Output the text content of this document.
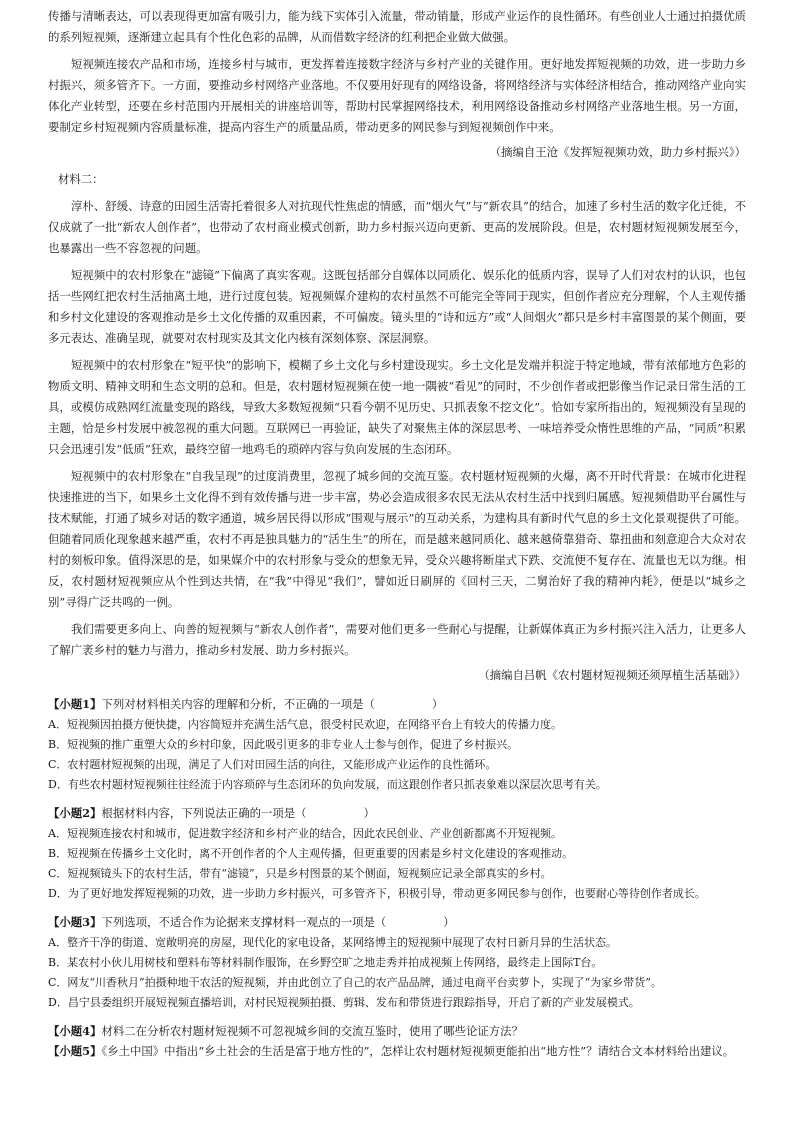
传播与清晰表达，可以表现得更加富有吸引力，能为线下实体引入流量，带动销量，形成产业运作的良性循环。有些创业人士通过拍摄优质的系列短视频，逐渐建立起具有个性化色彩的品牌，从而借数字经济的红利把企业做大做强。

短视频连接农产品和市场，连接乡村与城市，更发挥着连接数字经济与乡村产业的关键作用。更好地发挥短视频的功效，进一步助力乡村振兴，须多管齐下。一方面，要推动乡村网络产业落地。不仅要用好现有的网络设备，将网络经济与实体经济相结合，推动网络产业向实体化产业转型，还要在乡村范围内开展相关的讲座培训等，帮助村民掌握网络技术，利用网络设备推动乡村网络产业落地生根。另一方面，要制定乡村短视频内容质量标准，提高内容生产的质量品质，带动更多的网民参与到短视频创作中来。

（摘编自王沧《发挥短视频功效，助力乡村振兴》）
材料二：

淳朴、舒缓、诗意的田园生活寄托着很多人对抗现代性焦虑的情感，而“烟火气”与“新农具”的结合，加速了乡村生活的数字化迁徙，不仅成就了一批“新农人创作者”，也带动了农村商业模式创新，助力乡村振兴迈向更新、更高的发展阶段。但是，农村题材短视频发展至今，也暴露出一些不容忽视的问题。

短视频中的农村形象在“滤镜”下偏离了真实客观。这既包括部分自媒体以同质化、娱乐化的低质内容，误导了人们对农村的认识，也包括一些网红把农村生活抽离土地，进行过度包装。短视频媒介建构的农村虽然不可能完全等同于现实，但创作者应充分理解，个人主观传播和乡村文化建设的客观推动是乡土文化传播的双重因素，不可偏废。镜头里的“诗和远方”或“人间烟火”都只是乡村丰富图景的某个侧面，要多元表达、准确呈现，就要对农村现实及其文化内核有深刻体察、深层洞察。

短视频中的农村形象在“短平快”的影响下，模糊了乡土文化与乡村建设现实。乡土文化是发端并积淀于特定地域，带有浓郁地方色彩的物质文明、精神文明和生态文明的总和。但是，农村题材短视频在使一地一隅被“看见”的同时，不少创作者或把影像当作记录日常生活的工具，或模仿成熟网红流量变现的路线，导致大多数短视频“只看今朝不见历史、只抓表象不挖文化”。恰如专家所指出的，短视频没有呈现的主题，恰是乡村发展中被忽视的重大问题。互联网已一再验证，缺失了对聚焦主体的深层思考、一味培养受众惰性思维的产品，“同质”积累只会迅速引发“低质”狂欢，最终空留一地鸡毛的琐碎内容与负向发展的生态闭环。

短视频中的农村形象在“自我呈现”的过度消费里，忽视了城乡间的交流互鉴。农村题材短视频的火爆，离不开时代背景：在城市化进程快速推进的当下，如果乡土文化得不到有效传播与进一步丰富，势必会造成很多农民无法从农村生活中找到归属感。短视频借助平台属性与技术赋能，打通了城乡对话的数字通道，城乡居民得以形成“围观与展示”的互动关系，为建构具有新时代气息的乡土文化景观提供了可能。但随着同质化现象越来越严重，农村不再是独具魅力的“活生生”的所在，而是越来越同质化、越来越倚靠猎奇、靠扭曲和刻意迎合大众对农村的刻板印象。值得深思的是，如果媒介中的农村形象与受众的想象无异，受众兴趣将断崖式下跌、交流便不复存在、流量也无以为继。相反，农村题材短视频应从个性到达共情，在“我”中得见“我们”，譬如近日刷屏的《回村三天，二舅治好了我的精神内耗》，便是以“城乡之别”寻得广泛共鸣的一例。

我们需要更多向上、向善的短视频与“新农人创作者”，需要对他们更多一些耐心与提醒，让新媒体真正为乡村振兴注入活力，让更多人了解广袤乡村的魅力与潜力，推动乡村发展、助力乡村振兴。

（摘编自吕帆《农村题材短视频还须厚植生活基础》）
【小题1】下列对材料相关内容的理解和分析，不正确的一项是（　　　　　）

A．短视频因拍摄方便快捷，内容简短并充满生活气息，很受村民欢迎，在网络平台上有较大的传播力度。

B．短视频的推广重塑大众的乡村印象，因此吸引更多的非专业人士参与创作，促进了乡村振兴。

C．农村题材短视频的出现，满足了人们对田园生活的向往，又能形成产业运作的良性循环。

D．有些农村题材短视频往往经流于内容琐碎与生态闭环的负向发展，而这跟创作者只抓表象难以深层次思考有关。

【小题2】根据材料内容，下列说法正确的一项是（　　　　　）

A．短视频连接农村和城市，促进数字经济和乡村产业的结合，因此农民创业、产业创新都离不开短视频。

B．短视频在传播乡土文化时，离不开创作者的个人主观传播，但更重要的因素是乡村文化建设的客观推动。

C．短视频镜头下的农村生活，带有“滤镜”，只是乡村图景的某个侧面，短视频应记录全部真实的乡村。

D．为了更好地发挥短视频的功效，进一步助力乡村振兴，可多管齐下，积极引导，带动更多网民参与创作，也要耐心等待创作者成长。

【小题3】下列选项，不适合作为论据来支撑材料一观点的一项是（　　　　　）

A．整齐干净的街道、宽敞明亮的房屋，现代化的家电设备，某网络博主的短视频中展现了农村日新月异的生活状态。

B．某农村小伙儿用树枝和塑料布等材料制作服饰，在乡野空旷之地走秀并拍成视频上传网络，最终走上国际T台。

C．网友“川香秋月”拍摄种地干农活的短视频，并由此创立了自己的农产品品牌，通过电商平台卖萝卜，实现了“为家乡带货”。

D．昌宁县委组织开展短视频直播培训，对村民短视频拍摄、剪辑、发布和带货进行跟踪指导，开启了新的产业发展模式。

【小题4】材料二在分析农村题材短视频不可忽视城乡间的交流互鉴时，使用了哪些论证方法？

【小题5】《乡土中国》中指出“乡土社会的生活是富于地方性的”，怎样让农村题材短视频更能拍出“地方性”？请结合文本材料给出建议。
